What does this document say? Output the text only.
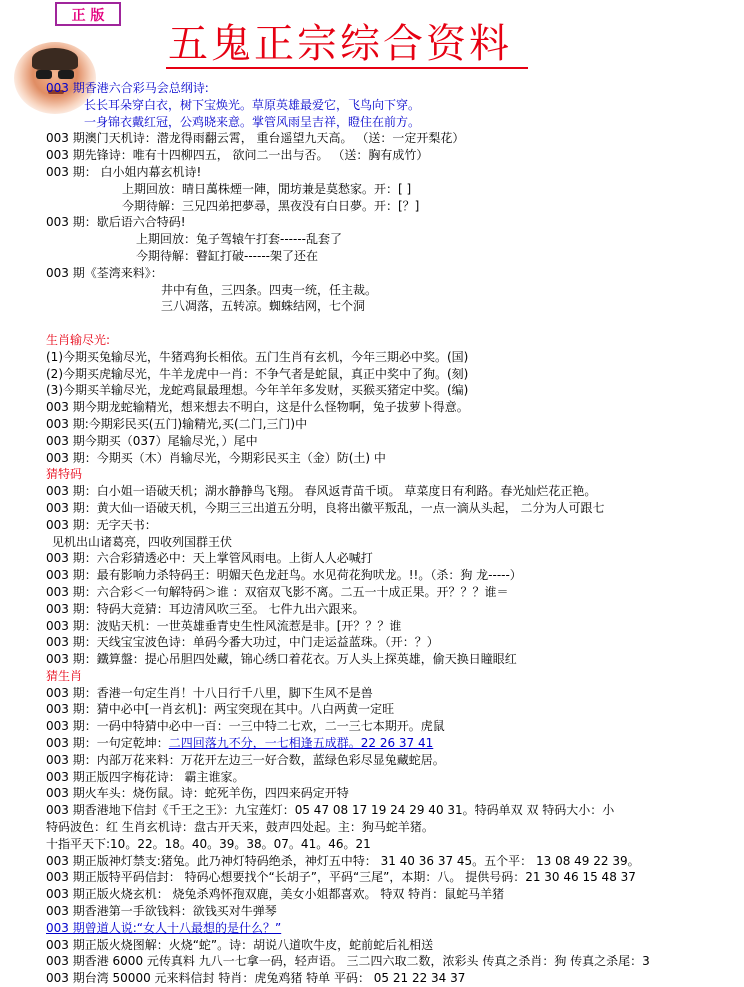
正 版
五鬼正宗综合资料
003 期香港六合彩马会总纲诗:
长长耳朵穿白衣，树下宝焕光。草原英雄最爱它，飞鸟向下穿。
一身锦衣戴红冠，公鸡晓来意。掌管风雨呈吉祥，瞪住在前方。
003 期澳门天机诗：潜龙得雨翻云霄， 重台遥望九天高。 （送：一定开梨花）
003 期先锋诗：唯有十四柳四五， 欲问二一出与否。 （送：胸有成竹）
003 期： 白小姐内幕玄机诗!
上期回放：晴日萬株煙一陣，閒坊兼是莫愁家。开：[ ]
今期待解：三兄四弟把夢尋，黑夜没有白日夢。开：[？]
003 期：歇后语六合特码!
上期回放：兔子驾辕午打套------乱套了
今期待解：瞽缸打破------架了还在
003 期《荃湾来料》：
井中有鱼，三四条。四夷一统，任主裁。
三八凋落，五转凉。蜘蛛结网，七个洞
生肖输尽光:
(1)今期买兔输尽光，牛猪鸡狗长相依。五门生肖有玄机，今年三期必中奖。(国)
(2)今期买虎输尽光，牛羊龙虎中一肖：不争气者是蛇鼠，真正中奖中了狗。(刻)
(3)今期买羊输尽光，龙蛇鸡鼠最理想。今年羊年多发财，买猴买猪定中奖。(编)
003 期今期龙蛇输精光，想来想去不明白，这是什么怪物啊，兔子拔萝卜得意。
003 期:今期彩民买(五门)输精光,买(二门,三门)中
003 期今期买（037）尾输尽光，）尾中
003 期：今期买（木）肖输尽光，今期彩民买主（金）防(土) 中
猜特码
003 期：白小姐一语破天机；湖水静静鸟飞翔。 春风返青苗千顷。 草菜度日有利路。春光灿烂花正艳。
003 期：黄大仙一语破天机，今期三三出道五分明，良将出徽平叛乱，一点一滴从头起， 二分为人可跟七
003 期：无字天书：
见机出山诸葛亮，四收列国群王伏
003 期：六合彩猜透必中：天上掌管风雨电。上街人人必喊打
003 期：最有影响力杀特码王：明媚天色龙赶鸟。水见荷花狗吠龙。!!。（杀：狗 龙-----）
003 期：六合彩＜一句解特码＞谁 ：双宿双飞影不离。二五一十成正果。开？？？谁＝
003 期：特码大竞猜：耳边清风吹三至。 七件九出六跟来。
003 期：波贴天机：一世英雄垂青史生性风流惹是非。[开？？？谁
003 期：天线宝宝波色诗：单码今番大功过，中门走运益蓝珠。（开：？）
003 期：鐵算盤：提心吊胆四处藏，锦心绣口着花衣。万人头上探英雄，偷天换日瞳眼红
猜生肖
003 期：香港一句定生肖！十八日行千八里，脚下生风不是兽
003 期：猜中必中[一肖玄机]：两宝突现在其中。八白两黄一定旺
003 期：一码中特猜中必中一百：一三中特二七欢，二一三七本期开。虎鼠
003 期：一句定乾坤：二四回落九不分，一七相逢五成群。22 26 37 41
003 期：内部万花来料：万花开左边三一好合数，蓝绿色彩尽显兔藏蛇居。
003 期正版四字梅花诗： 霸主谁家。
003 期火车头：烧伤鼠。诗：蛇死羊伤，四四来码定开特
003 期香港地下信封《千王之王》：九宝莲灯：05 47 08 17 19 24 29 40 31。特码单双 双 特码大小：小
特码波色：红 生肖玄机诗：盘古开天来，鼓声四处起。主：狗马蛇羊猪。
十指平天下:10。22。18。40。39。38。07。41。46。21
003 期正版神灯禁支:猪兔。此乃神灯特码绝杀，神灯五中特： 31 40 36 37 45。五个平： 13 08 49 22 39。
003 期正版特平码信封： 特码心想要找个“长胡子”，平码“三尾”，本期：八。 提供号码：21 30 46 15 48 37
003 期正版火烧玄机： 烧兔杀鸡怀孢双鹿，美女小姐都喜欢。 特双 特肖：鼠蛇马羊猪
003 期香港第一手欲钱料：欲钱买对牛弹琴
003 期曾道人说:“女人十八最想的是什么？”
003 期正版火烧图解：火烧“蛇”。诗：胡说八道吹牛皮，蛇前蛇后礼相送
003 期香港 6000 元传真料 九八一七拿一码，轻声语。 三二四六取二数，浓彩头 传真之杀肖：狗 传真之杀尾：3
003 期台湾 50000 元来料信封 特肖：虎兔鸡猪 特单 平码： 05 21 22 34 37
